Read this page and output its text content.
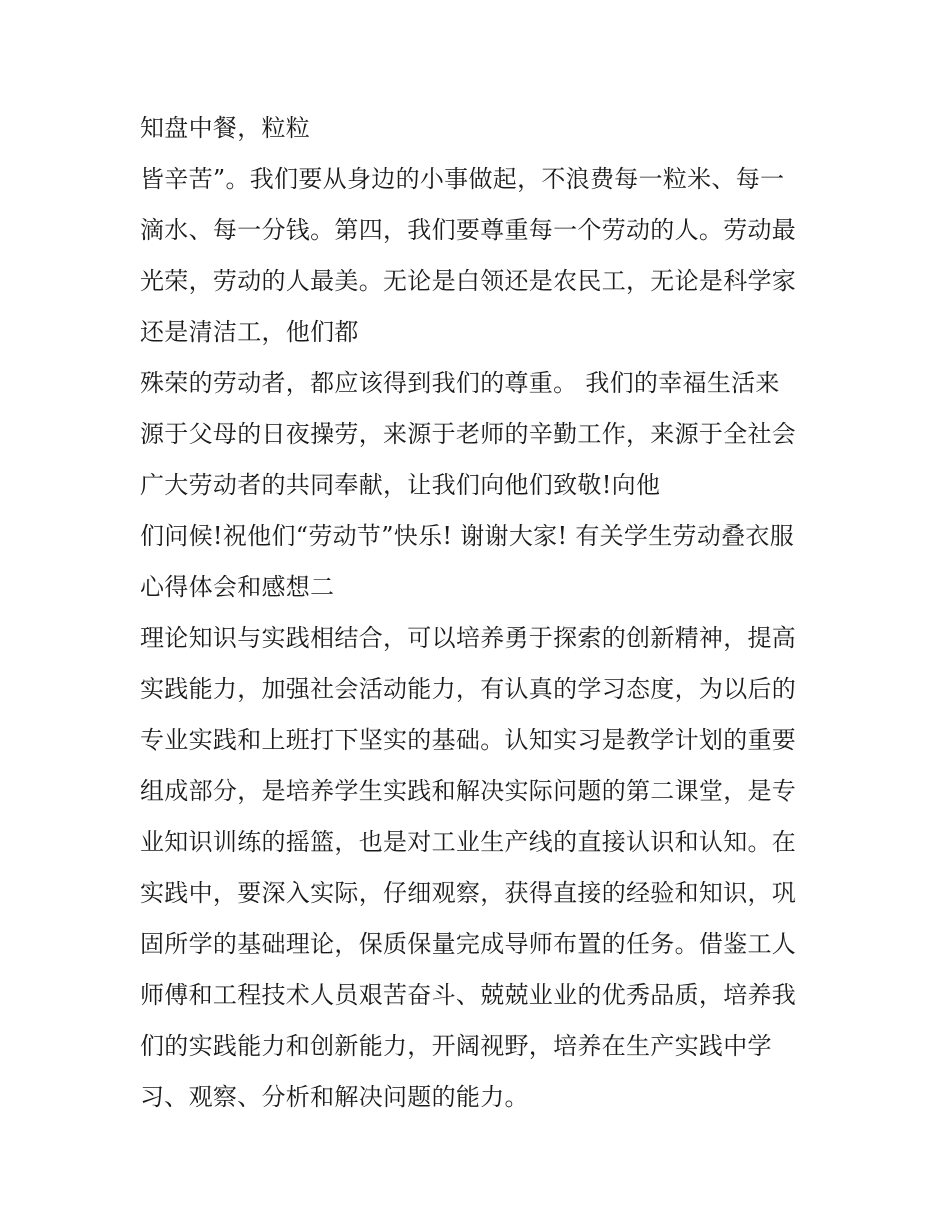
知盘中餐，粒粒
皆辛苦”。我们要从身边的小事做起，不浪费每一粒米、每一
滴水、每一分钱。第四，我们要尊重每一个劳动的人。劳动最
光荣，劳动的人最美。无论是白领还是农民工，无论是科学家
还是清洁工，他们都
殊荣的劳动者，都应该得到我们的尊重。 我们的幸福生活来
源于父母的日夜操劳，来源于老师的辛勤工作，来源于全社会
广大劳动者的共同奉献，让我们向他们致敬!向他
们问候!祝他们“劳动节”快乐! 谢谢大家! 有关学生劳动叠衣服
心得体会和感想二
理论知识与实践相结合，可以培养勇于探索的创新精神，提高
实践能力，加强社会活动能力，有认真的学习态度，为以后的
专业实践和上班打下坚实的基础。认知实习是教学计划的重要
组成部分，是培养学生实践和解决实际问题的第二课堂，是专
业知识训练的摇篮，也是对工业生产线的直接认识和认知。在
实践中，要深入实际，仔细观察，获得直接的经验和知识，巩
固所学的基础理论，保质保量完成导师布置的任务。借鉴工人
师傅和工程技术人员艰苦奋斗、兢兢业业的优秀品质，培养我
们的实践能力和创新能力，开阔视野，培养在生产实践中学
习、观察、分析和解决问题的能力。
